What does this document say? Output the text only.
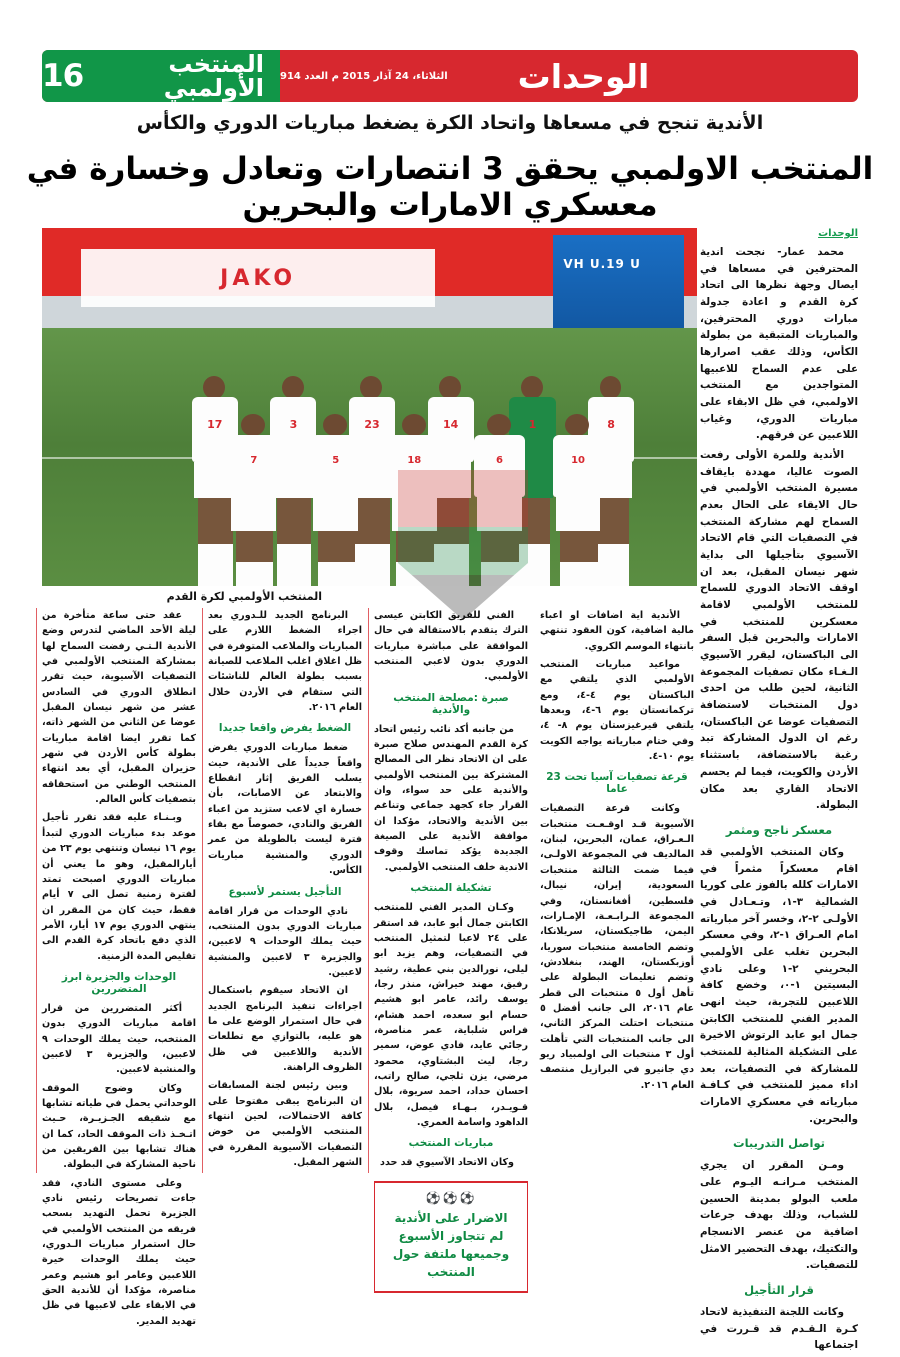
16	المنتخب الأولمبي الثلاثاء، 24 آذار 2015 م العدد 914 الوحدات
الأندية تنجح في مسعاها واتحاد الكرة يضغط مباريات الدوري والكأس
المنتخب الاولمبي يحقق 3 انتصارات وتعادل وخسارة في معسكري الامارات والبحرين
JAKO
VH U.19 U
8
1
14
23
3
17
10
6
18
5
7
المنتخب الأولمبي لكرة القدم
الوحدات

محمد عمار- نجحت اندية المحترفين في مسعاها في ايصال وجهة نظرها الى اتحاد كرة القدم و اعادة جدولة مبارات دوري المحترفين، والمباريات المتبقية من بطولة الكأس، وذلك عقب اصرارها على عدم السماح للاعبيها المتواجدين مع المنتخب الاولمبي، في ظل الابقاء على مباريات الدوري، وغياب اللاعبين عن فرقهم.

الأندية وللمرة الأولى رفعت الصوت عاليا، مهددة بايقاف مسيرة المنتخب الأولمبي في حال الايقاء على الحال بعدم السماح لهم مشاركة المنتخب في التصفيات التي قام الاتحاد الآسيوي بتأجيلها الى بداية شهر نيسان المقبل، بعد ان اوقف الاتحاد الدوري للسماح للمنتخب الأولمبي لاقامة معسكرين للمنتخب في الامارات والبحرين قبل السفر الى الباكستان، ليقرر الآسيوي الـغـاء مكان تصفيات المجموعة الثانية، لحين طلب من احدى دول المنتخبات لاستضافة التصفيات عوضا عن الباكستان، رغم ان الدول المشاركة تبد رغبة بالاستضافة، باستثناء الأردن والكويت، فيما لم يحسم الاتحاد القاري بعد مكان البطولة.

معسكر ناجح ومثمر

وكان المنتخب الأولمبي قد اقام معسكراً مثمراً في الامارات كلله بالفوز على كوريا الشمالية ٣-١، وتـعـادل في الأولـى ٢-٢، وخسر آخر مبارياته امام العـراق ١-٢، وفي معسكر البحرين تغلب على الأولمبي البحريني ٢-١ وعلى نادي البسيتين ١-٠، وخضع كافة اللاعبين للتجربة، حيث انهى المدير الفني للمنتخب الكابتن جمال ابو عابد الرتوش الاخيرة على التشكيلة المثالية للمنتخب للمشاركة في التصفيات، بعد اداء مميز للمنتخب في كـافـة مبارياته في معسكري الامارات والبحرين.

تواصل التدريبات

ومـن المقرر ان يجري المنتخب مـرانـه اليـوم على ملعب البولو بمدينة الحسين للشباب، وذلك بهدف جرعات اضافية من عنصر الانسجام والتكتيك، بهدف التحضير الامثل للتصفيات.

قرار التأجيل

وكانت اللجنة التنفيذية لاتحاد كـرة الـقـدم قد قـررت في اجتماعها

عقد حتى ساعة متأخرة من ليلة الأحد الماضي لتدرس وضع الأندية الـتـي رفضت السماح لها بمشاركة المنتخب الأولمبي في التصفيات الآسيوية، حيث تقرر انطلاق الدوري في السادس عشر من شهر نيسان المقبل عوضا عن الثاني من الشهر ذاته، كما تقرر ايضا اقامة مباريات بطولة كأس الأردن في شهر حزيران المقبل، أي بعد انتهاء المنتخب الوطني من استحقاقه بتصفيات كأس العالم.

وبـنـاء عليه فقد تقرر تأجيل موعد بدء مباريات الدوري لتبدأ يوم ١٦ نيسان وتنتهي يوم ٢٣ من أيارالمقبل، وهو ما يعني أن مباريات الدوري اصبحت تمتد لفترة زمنية تصل الى ٧ أيام فقط، حيث كان من المقرر ان ينتهي الدوري يوم ١٧ أيار، الأمر الذي دفع باتحاد كرة القدم الى تقليص المدة الزمنية.

الوحدات والجزيرة ابرز المتضررين

أكثر المتضررين من قرار اقامة مباريات الدوري بدون المنتخب، حيث يملك الوحدات ٩ لاعبين، والجزيرة ٣ لاعبين والمنشية لاعبين.

وكان وضوح الموقف الوحداتي يحمل في طياته تشابها مع شقيقه الجـزيـرة، حـيث اتـخـذ ذات الموقف الحاد، كما ان هناك تشابها بين الفريقين من ناحية المشاركة في البطولة.

وعلى مستوى النادي، فقد جاءت تصريحات رئيس نادي الجزيرة تحمل التهديد بسحب فريقه من المنتخب الأولمبي في حال استمرار مباريات الـدوري، حيث يملك الوحدات خيرة اللاعبين وعامر ابو هشيم وعمر مناصرة، مؤكدا أن للأندية الحق في الابقاء على لاعبيها في ظل تهديد المدير.

البرنامج الجديد للـدوري بعد اجراء الضغط اللازم على المباريات والملاعب المتوفرة في ظل اغلاق اغلب الملاعب للصيانة بسبب بطولة العالم للناشئات التي ستقام في الأردن خلال العام ٢٠١٦.

الضغط يفرض واقعا جديدا

ضغط مباريات الدوري يفرض واقعاً جديداً على الأندية، حيث يسلب الفريق إثار انقطاع والابتعاد عن الاصابات، بأن خسارة اي لاعب ستزيد من اعباء الفريق والنادي، خصوصاً مع بقاء فترة ليست بالطويلة من عمر الدوري والمنشية مباريات الكأس.

التأجيل يستمر لأسبوع

نادي الوحدات من قرار اقامة مباريات الدوري بدون المنتخب، حيث يملك الوحدات ٩ لاعبين، والجزيرة ٣ لاعبين والمنشية لاعبين.

ان الاتحاد سيقوم باستكمال اجراءات تنفيذ البرنامج الجديد في حال استمرار الوضع على ما هو عليه، بالتوازي مع تطلعات الأندية واللاعبين في ظل الظروف الراهنة.

وبين رئيس لجنة المسابقات ان البرنامج يبقى مفتوحا على كافة الاحتمالات، لحين انتهاء المنتخب الأولمبي من خوض التصفيات الآسيوية المقررة في الشهر المقبل.

الفني للفريق الكابتن عيسى الترك يتقدم بالاستقالة في حال الموافقة على مباشرة مباريات الدوري بدون لاعبي المنتخب الأولمبي.

صبرة :مصلحة المنتخب والأندية

من جانبه أكد نائب رئيس اتحاد كرة القدم المهندس صلاح صبرة على ان الاتحاد نظر الى المصالح المشتركة بين المنتخب الأولمبي والأندية على حد سواء، وان القرار جاء كجهد جماعي وتناغم بين الأندية والاتحاد، مؤكدا ان موافقة الأندية على الصيغة الجديدة يؤكد تماسك وقوف الاندية خلف المنتخب الأولمبي.

تشكيلة المنتخب

وكـان المدير الفني للمنتخب الكابتن جمال أبو عابد، قد استقر على ٢٤ لاعبا لتمثيل المنتخب في التصفيات، وهم يزيد ابو ليلى، نورالدين بني عطية، رشيد رفيق، مهند خيراش، منذر رجا، يوسف رائد، عامر ابو هشيم حسام ابو سعده، احمد هشام، فراس شلباية، عمر مناصرة، رجائي عايد، فادي عوض، سمير رجا، ليث البشتاوي، محمود مرضي، يزن ثلجي، صالح راتب، احسان حداد، احمد سريوة، بلال قـويـدر، بـهـاء فيصل، بلال الداهود واسامة العمري.

مباريات المنتخب

وكان الاتحاد الآسيوي قد حدد

⚽⚽⚽

الاضرار على الأندية

لم تتجاوز الأسبوع

وجميعها ملتفة حول

المنتخب

الأندية اية اضافات او اعباء مالية اضافية، كون العقود تنتهي بانتهاء الموسم الكروي.

مواعيد مباريات المنتخب الأولمبي الذي يلتقي مع الباكستان يوم ٤-٤، ومع تركمانستان يوم ٦-٤، وبعدها يلتقي قيرغيزستان يوم ٨- ٤، وفي ختام مبارياته يواجه الكويت يوم ١٠-٤.

قرعة تصفيات آسيا تحت 23 عاما

وكانت قرعة التصفيات الآسيوية قـد اوقـعـت منتخبات الـعـراق، عمان، البحرين، لبنان، المالديف في المجموعة الاولـى، فيما ضمت الثالثة منتخبات السعودية، إيران، نيبال، فلسطين، أفغانستان، وفي المجموعة الـرابـعـة، الإمـارات، اليمن، طاجيكستان، سريلانكا، وتضم الخامسة منتخبات سوريا، أوزبكستان، الهند، بنغلادش، وتضم تعليمات البطولة على تأهل أول ٥ منتخبات الى قطر عام ٢٠١٦، الى جانب أفضل ٥ منتخبات احتلت المركز الثاني، الى جانب المنتخبات التي تأهلت أول ٣ منتخبات الى اولمبياد ريو دي جانيرو في البرازيل منتصف العام ٢٠١٦.
